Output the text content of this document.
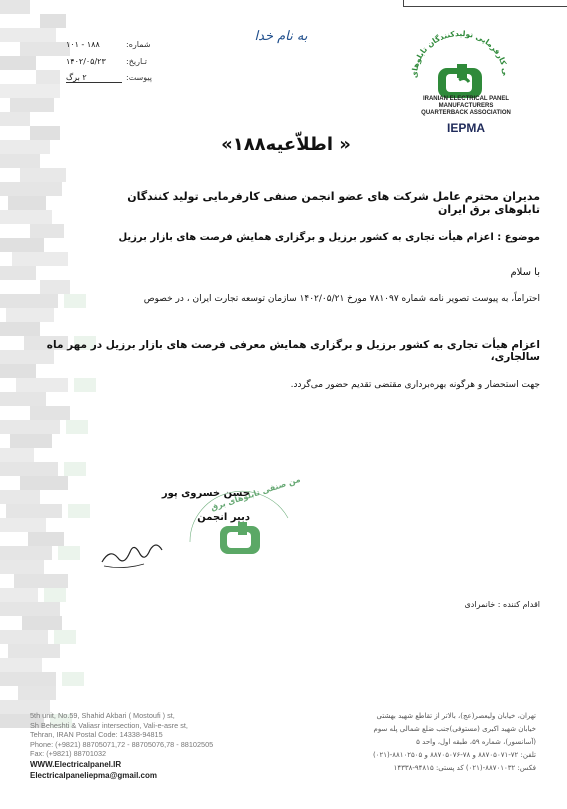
شماره:
۱۸۸ - ۱۰۱
تـاریخ:
۱۴۰۲/۰۵/۲۳
پیوست:
۲ برگ
به نام خدا
ی کارفرمایی تولیدکنندگان تابلوهای
IRANIAN ELECTRICAL PANEL
MANUFACTURERS
QUARTERBACK ASSOCIATION
IEPMA
« اطلاّعیه۱۸۸»
مدیران محترم عامل شرکت های عضو انجمن صنفی کارفرمایی تولید کنندگان تابلوهای برق ایران
موضوع : اعزام هیأت تجاری به کشور برزیل و برگزاری همایش فرصت های بازار برزیل
با سلام
احتراماً، به پیوست تصویر نامه شماره ۷۸۱۰۹۷ مورخ ۱۴۰۲/۰۵/۲۱ سازمان توسعه تجارت ایران ، در خصوص
اعزام هیأت تجاری به کشور برزیل و برگزاری همایش معرفی فرصت های بازار برزیل در مهر ماه سالجاری،
جهت استحضار و هرگونه بهره‌برداری مقتضی تقدیم حضور می‌گردد.
انجمن صنفی تابلوهای برق
حسن خسروی پور
دبیر انجمن
اقدام کننده : خانمرادی
5th unit, No.59, Shahid Akbari ( Mostoufi ) st,
Sh Beheshti & Valiasr intersection, Vali-e-asre st,
Tehran, IRAN Postal Code: 14338-94815
Phone: (+9821) 88705071,72 - 88705076,78 - 88102505
Fax: (+9821) 88701032
WWW.Electricalpanel.IR
Electricalpaneliepma@gmail.com
تهران، خیابان ولیعصر(عج)، بالاتر از تقاطع شهید بهشتی
خیابان شهید اکبری (مستوفی)جنب ضلع شمالی پله سوم
(آسانسور)، شماره ۵۹، طبقه اول، واحد ۵
تلفن: ۷۲-۸۸۷۰۵۰۷۱ و ۷۸-۸۸۷۰۵۰۷۶ و ۸۸۱۰۲۵۰۵-(۰۲۱)
فکس: ۸۸۷۰۱۰۳۲-(۰۲۱) کد پستی: ۹۴۸۱۵-۱۴۳۳۸
